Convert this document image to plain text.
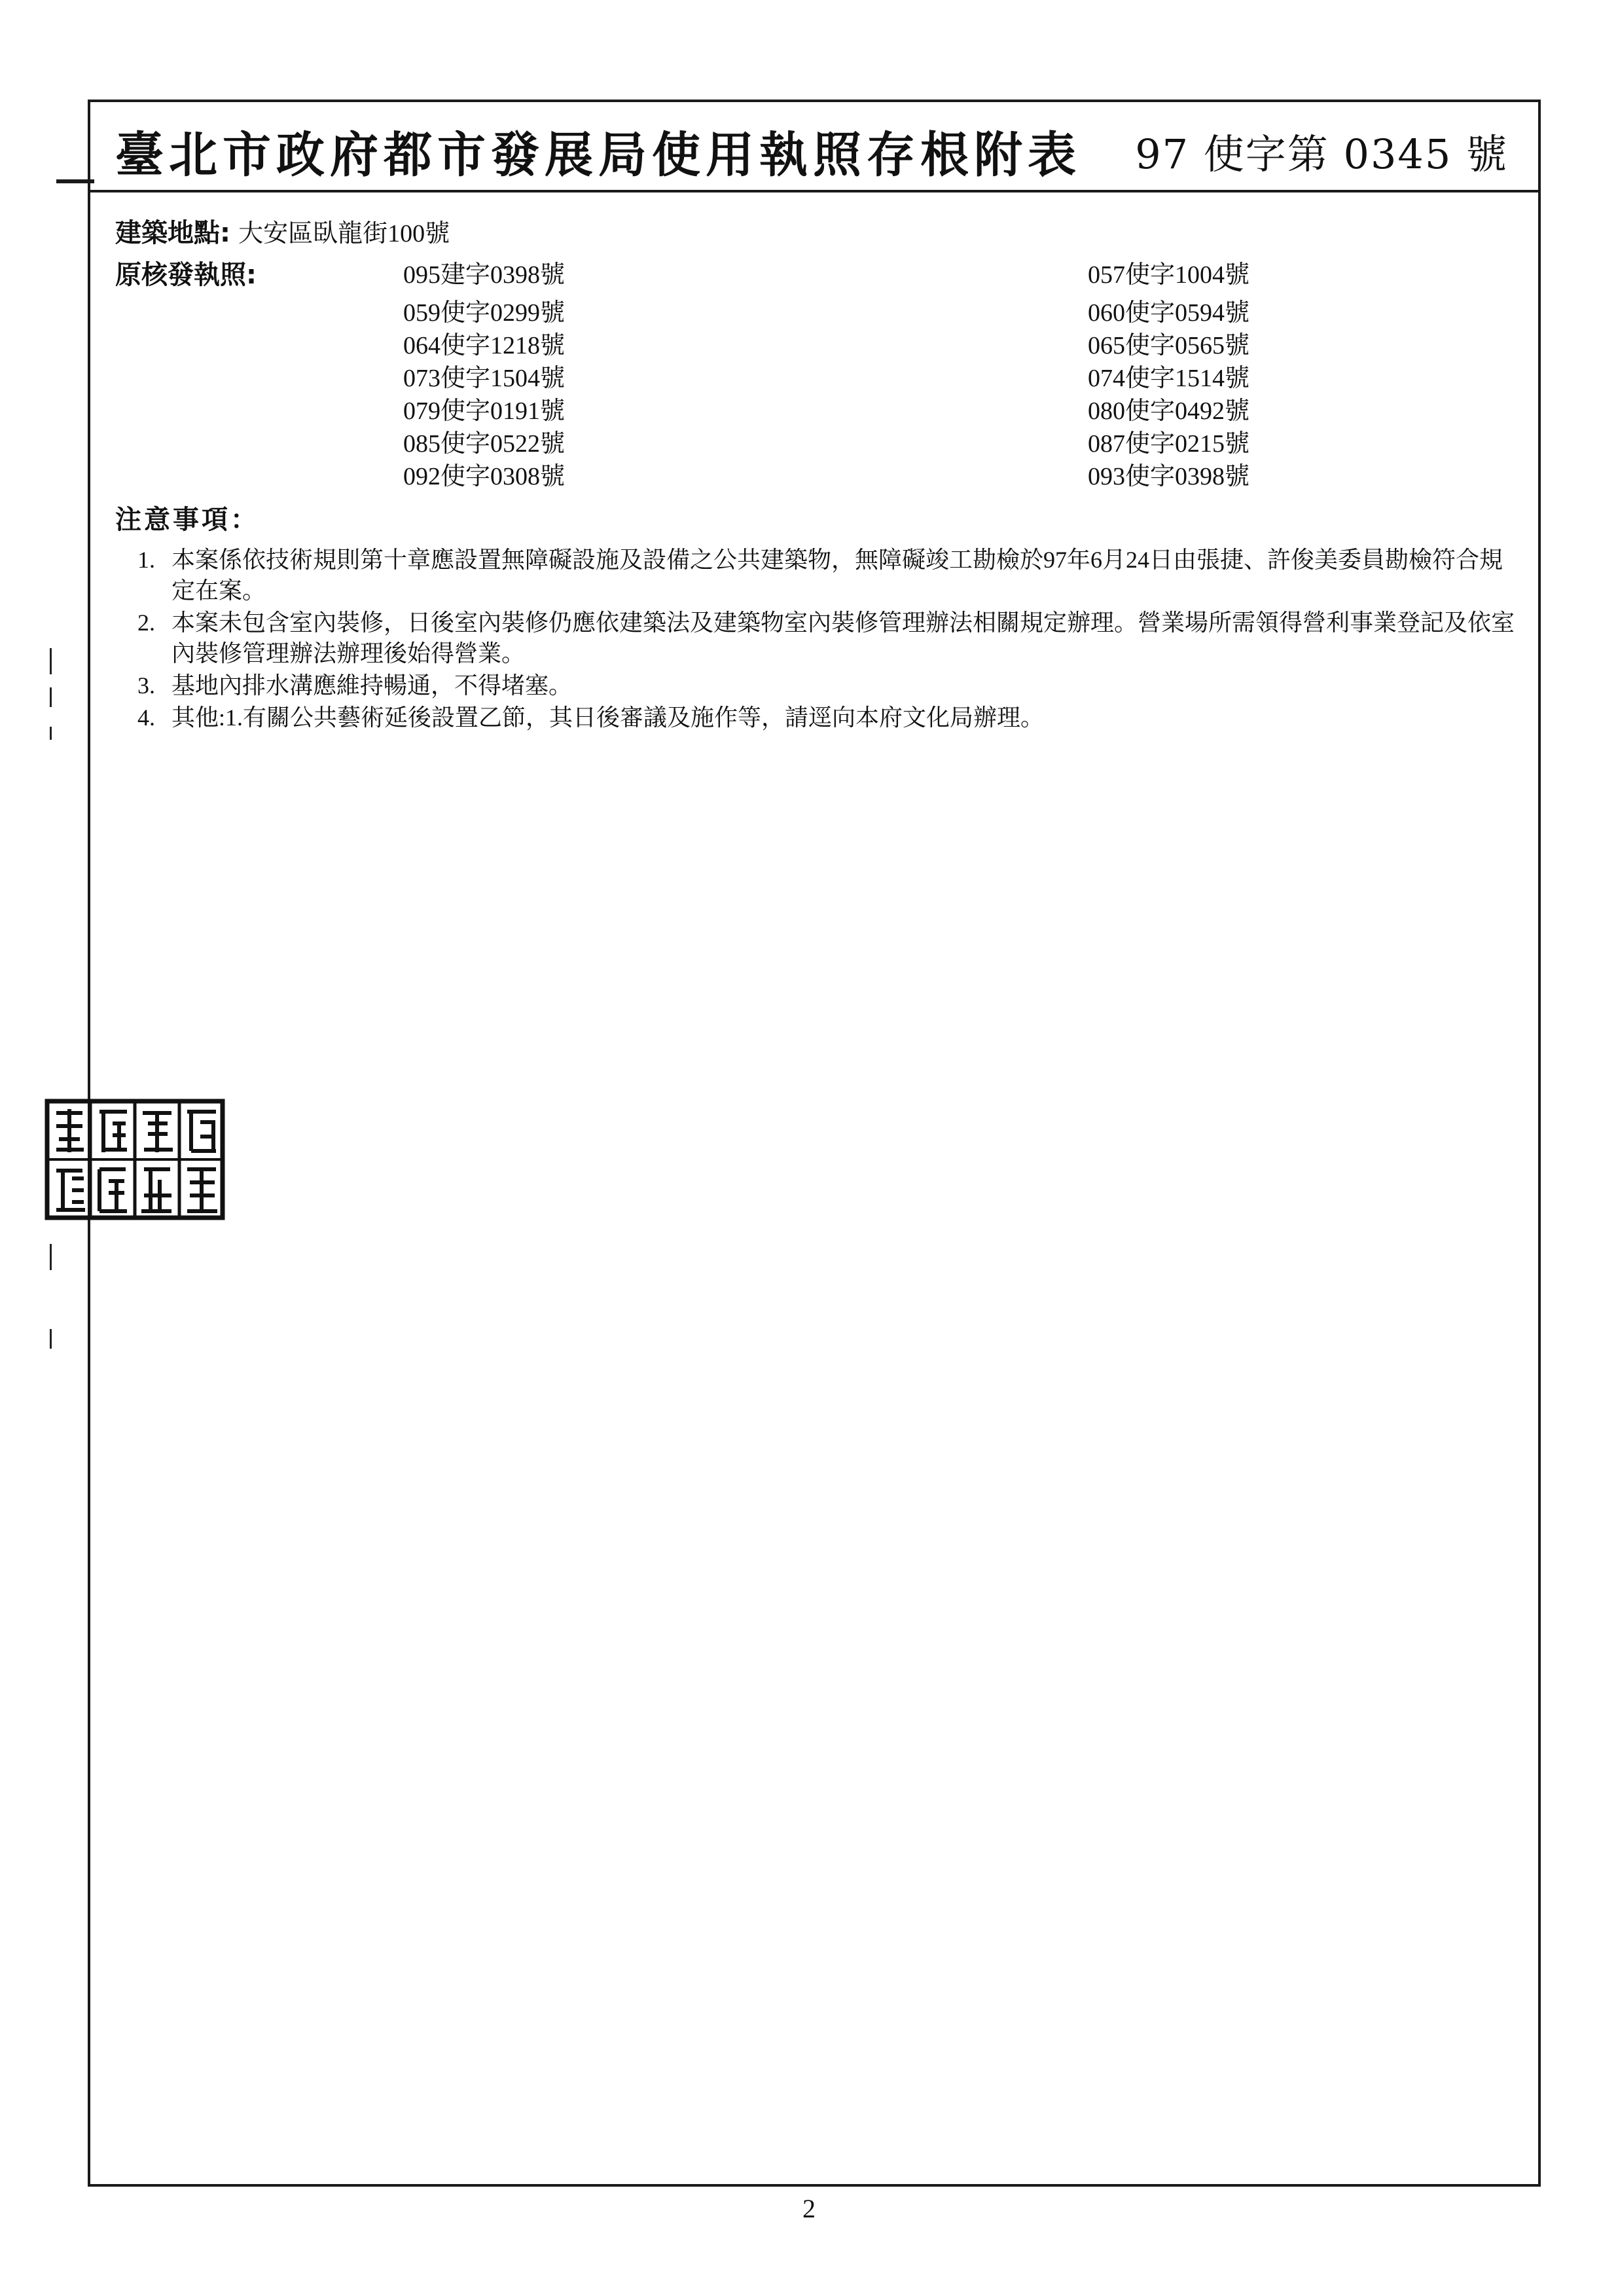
臺北市政府都市發展局使用執照存根附表 97 使字第 0345 號
建築地點: 大安區臥龍街100號
原核發執照:	095建字0398號
059使字0299號
064使字1218號
073使字1504號
079使字0191號
085使字0522號
092使字0308號
057使字1004號
060使字0594號
065使字0565號
074使字1514號
080使字0492號
087使字0215號
093使字0398號
注意事項：
1. 本案係依技術規則第十章應設置無障礙設施及設備之公共建築物，無障礙竣工勘檢於97年6月24日由張捷、許俊美委員勘檢符合規定在案。
2. 本案未包含室內裝修，日後室內裝修仍應依建築法及建築物室內裝修管理辦法相關規定辦理。營業場所需領得營利事業登記及依室內裝修管理辦法辦理後始得營業。
3. 基地內排水溝應維持暢通，不得堵塞。
4. 其他:1.有關公共藝術延後設置乙節，其日後審議及施作等，請逕向本府文化局辦理。
2
